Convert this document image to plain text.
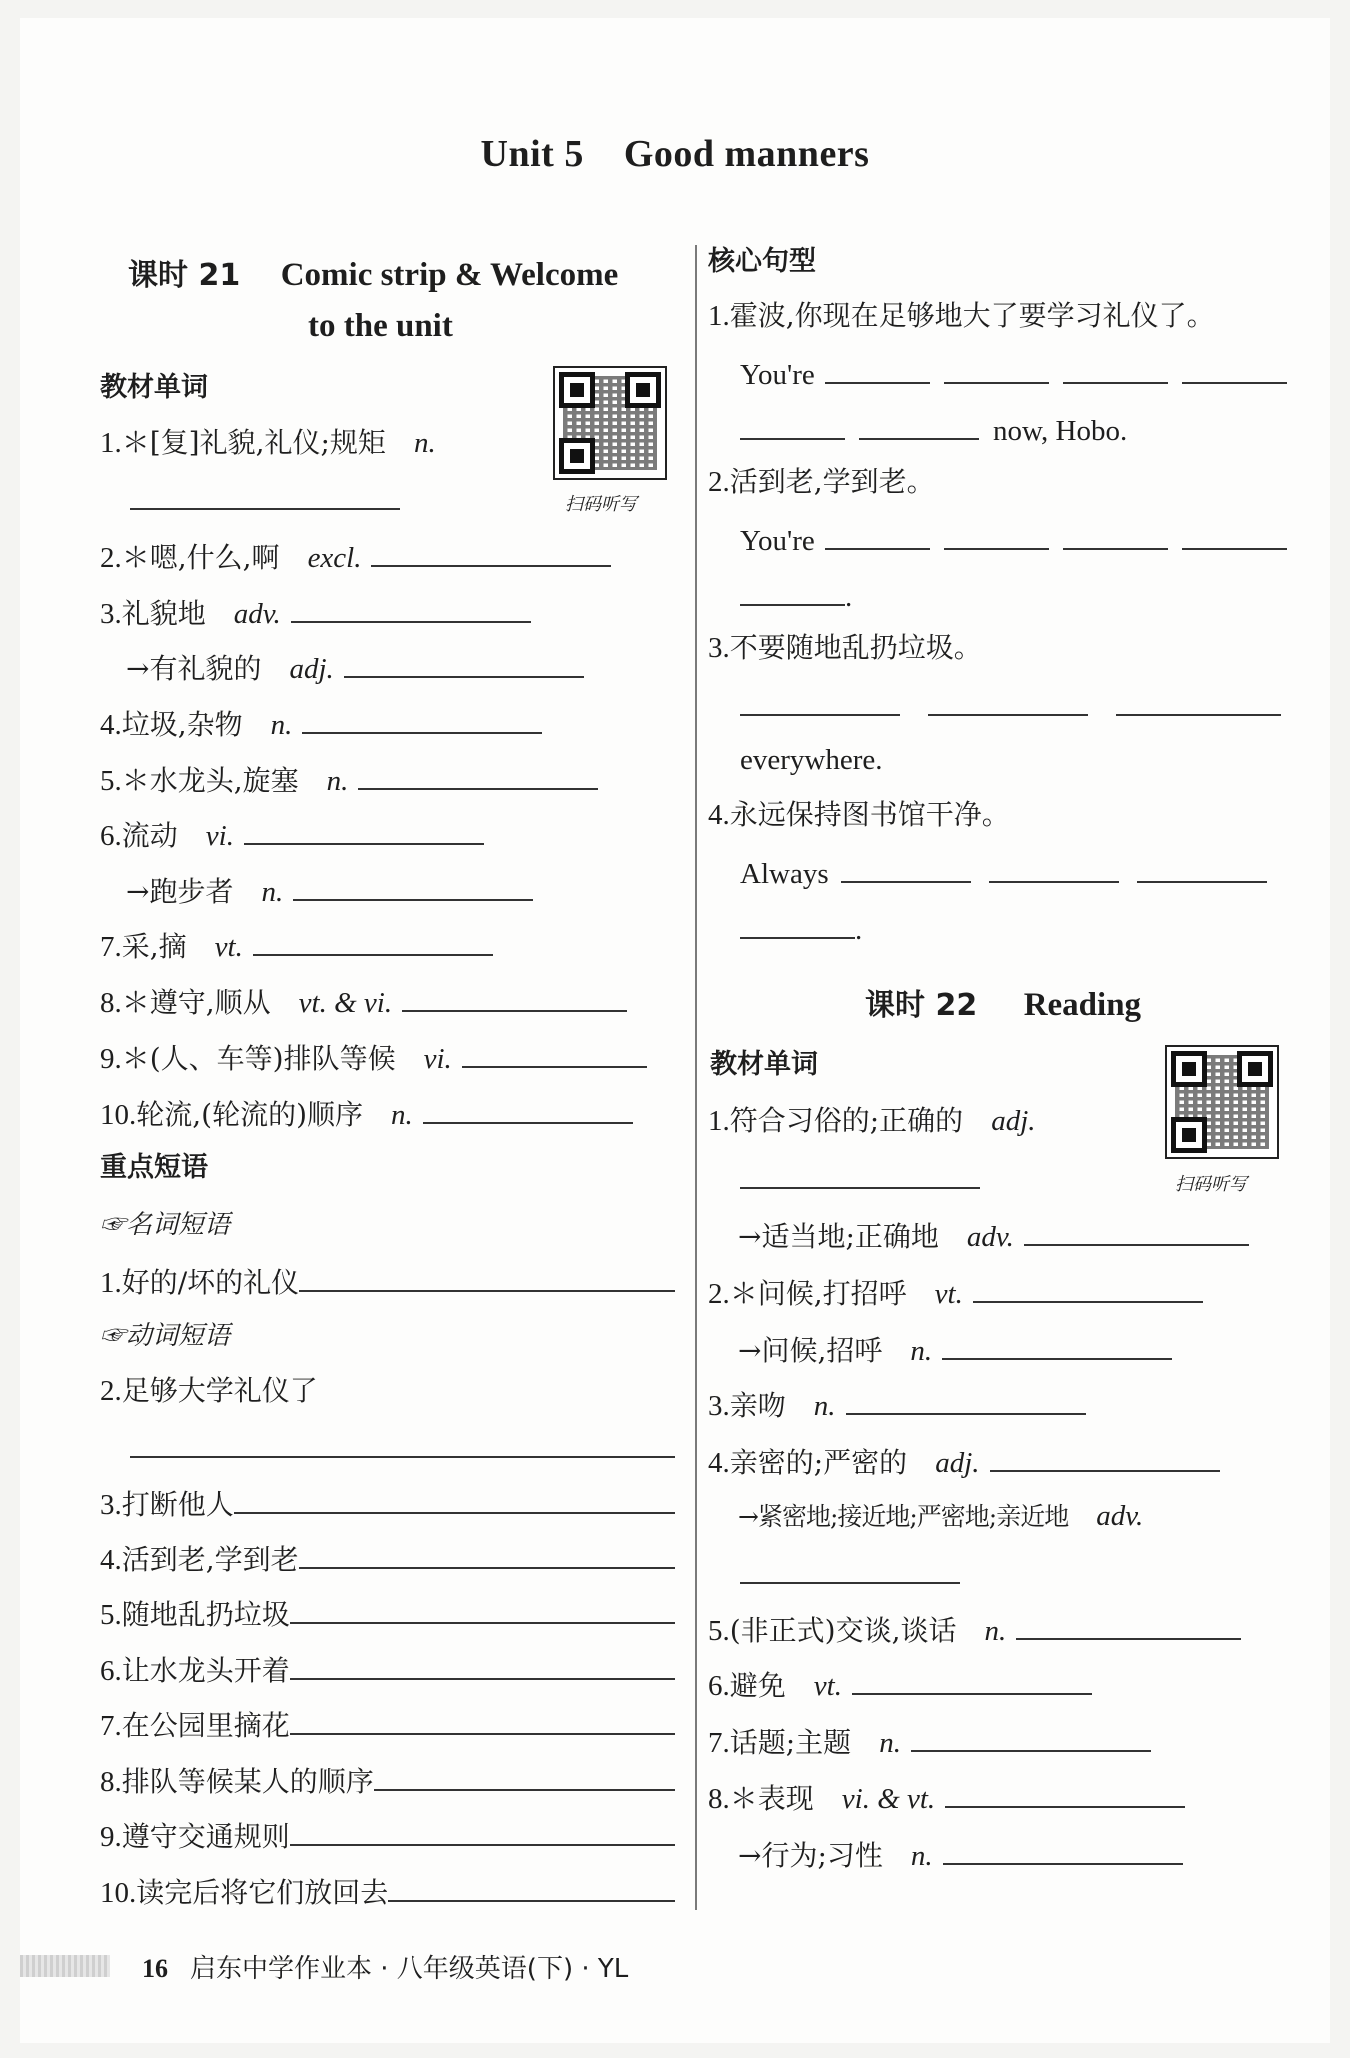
Unit 5 Good manners
课时 21 Comic strip & Welcome
to the unit
教材单词
扫码听写
重点短语
☞名词短语
☞动词短语
核心句型
课时 22 Reading
教材单词
扫码听写
16 启东中学作业本 · 八年级英语(下) · YL
1.＊[复]礼貌,礼仪;规矩 n.
2.＊嗯,什么,啊 excl.
3.礼貌地 adv.
→有礼貌的 adj.
4.垃圾,杂物 n.
5.＊水龙头,旋塞 n.
6.流动 vi.
→跑步者 n.
7.采,摘 vt.
8.＊遵守,顺从 vt. & vi.
9.＊(人、车等)排队等候 vi.
10.轮流,(轮流的)顺序 n.
1.好的/坏的礼仪
2.足够大学礼仪了
3.打断他人
4.活到老,学到老
5.随地乱扔垃圾
6.让水龙头开着
7.在公园里摘花
8.排队等候某人的顺序
9.遵守交通规则
10.读完后将它们放回去
1.霍波,你现在足够地大了要学习礼仪了。
You're
now, Hobo.
2.活到老,学到老。
You're
.
3.不要随地乱扔垃圾。
everywhere.
4.永远保持图书馆干净。
Always
.
1.符合习俗的;正确的 adj.
→适当地;正确地 adv.
2.＊问候,打招呼 vt.
→问候,招呼 n.
3.亲吻 n.
4.亲密的;严密的 adj.
→紧密地;接近地;严密地;亲近地 adv.
5.(非正式)交谈,谈话 n.
6.避免 vt.
7.话题;主题 n.
8.＊表现 vi. & vt.
→行为;习性 n.
